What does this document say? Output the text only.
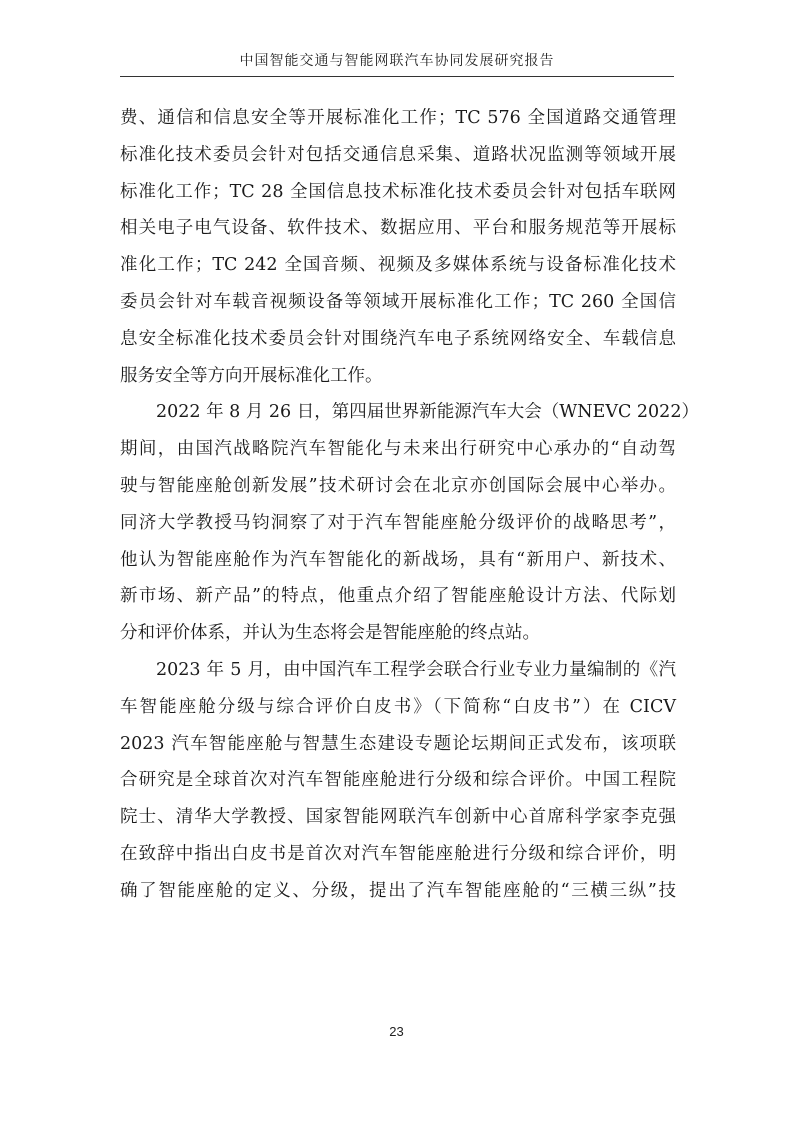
中国智能交通与智能网联汽车协同发展研究报告
费、通信和信息安全等开展标准化工作；TC 576 全国道路交通管理
标准化技术委员会针对包括交通信息采集、道路状况监测等领域开展
标准化工作；TC 28 全国信息技术标准化技术委员会针对包括车联网
相关电子电气设备、软件技术、数据应用、平台和服务规范等开展标
准化工作；TC 242 全国音频、视频及多媒体系统与设备标准化技术
委员会针对车载音视频设备等领域开展标准化工作；TC 260 全国信
息安全标准化技术委员会针对围绕汽车电子系统网络安全、车载信息
服务安全等方向开展标准化工作。
2022 年 8 月 26 日，第四届世界新能源汽车大会（WNEVC 2022）
期间，由国汽战略院汽车智能化与未来出行研究中心承办的“自动驾
驶与智能座舱创新发展”技术研讨会在北京亦创国际会展中心举办。
同济大学教授马钧洞察了对于汽车智能座舱分级评价的战略思考”，
他认为智能座舱作为汽车智能化的新战场，具有“新用户、新技术、
新市场、新产品”的特点，他重点介绍了智能座舱设计方法、代际划
分和评价体系，并认为生态将会是智能座舱的终点站。
2023 年 5 月，由中国汽车工程学会联合行业专业力量编制的《汽
车智能座舱分级与综合评价白皮书》（下简称“白皮书”）在 CICV
2023 汽车智能座舱与智慧生态建设专题论坛期间正式发布，该项联
合研究是全球首次对汽车智能座舱进行分级和综合评价。中国工程院
院士、清华大学教授、国家智能网联汽车创新中心首席科学家李克强
在致辞中指出白皮书是首次对汽车智能座舱进行分级和综合评价，明
确了智能座舱的定义、分级，提出了汽车智能座舱的“三横三纵”技
23
